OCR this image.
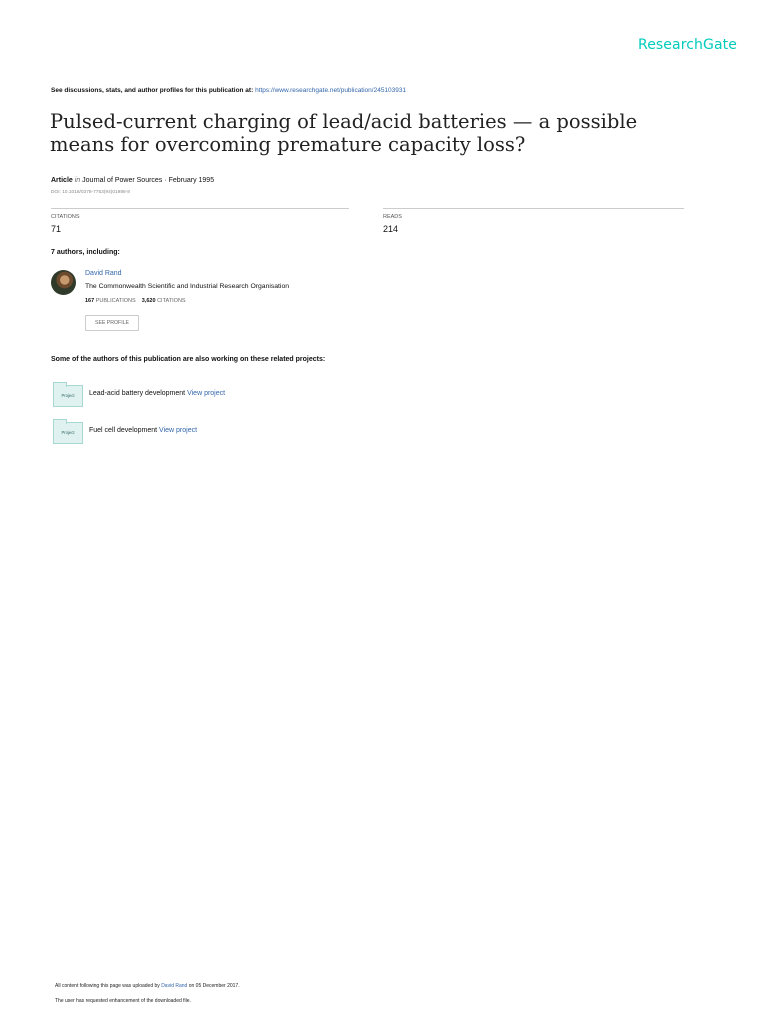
ResearchGate
See discussions, stats, and author profiles for this publication at: https://www.researchgate.net/publication/245103931
Pulsed-current charging of lead/acid batteries — a possible means for overcoming premature capacity loss?
Article in Journal of Power Sources · February 1995
DOI: 10.1016/0378-7753(94)01988-8
CITATIONS
71
READS
214
7 authors, including:
David Rand
The Commonwealth Scientific and Industrial Research Organisation
167 PUBLICATIONS 3,620 CITATIONS
SEE PROFILE
Some of the authors of this publication are also working on these related projects:
Project	Lead-acid battery development View project
Project	Fuel cell development View project
All content following this page was uploaded by David Rand on 05 December 2017.
The user has requested enhancement of the downloaded file.
